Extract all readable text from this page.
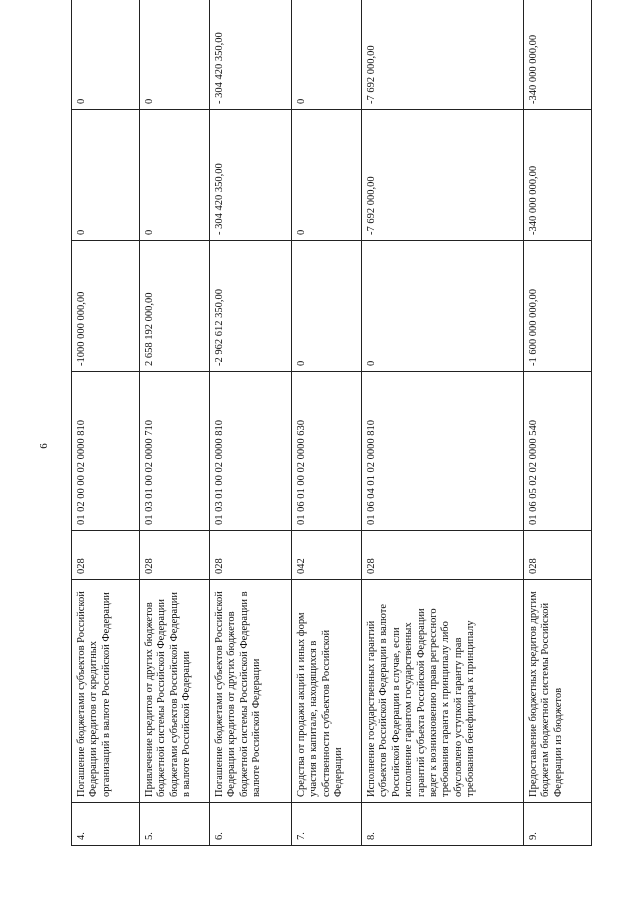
6
4.	Погашение бюджетами субъектов Российской Федерации кредитов от кредитных организаций в валюте Российской Федерации	028	01 02 00 00 02 0000 810	-1000 000 000,00	0	0
5.	Привлечение кредитов от других бюджетов бюджетной системы Российской Федерации бюджетами субъектов Российской Федерации в валюте Российской Федерации	028	01 03 01 00 02 0000 710	2 658 192 000,00	0	0
6.	Погашение бюджетами субъектов Российской Федерации кредитов от других бюджетов бюджетной системы Российской Федерации в валюте Российской Федерации	028	01 03 01 00 02 0000 810	-2 962 612 350,00	- 304 420 350,00	- 304 420 350,00
7.	Средства от продажи акций и иных форм участия в капитале, находящихся в собственности субъектов Российской Федерации	042	01 06 01 00 02 0000 630	0	0	0
8.	Исполнение государственных гарантий субъектов Российской Федерации в валюте Российской Федерации в случае, если исполнение гарантом государственных гарантий субъекта Российской Федерации ведет к возникновению права регрессного требования гаранта к принципалу либо обусловлено уступкой гаранту прав требования бенефициара к принципалу	028	01 06 04 01 02 0000 810	0	-7 692 000,00	-7 692 000,00
9.	Предоставление бюджетных кредитов другим бюджетам бюджетной системы Российской Федерации из бюджетов	028	01 06 05 02 02 0000 540	-1 600 000 000,00	-340 000 000,00	-340 000 000,00
